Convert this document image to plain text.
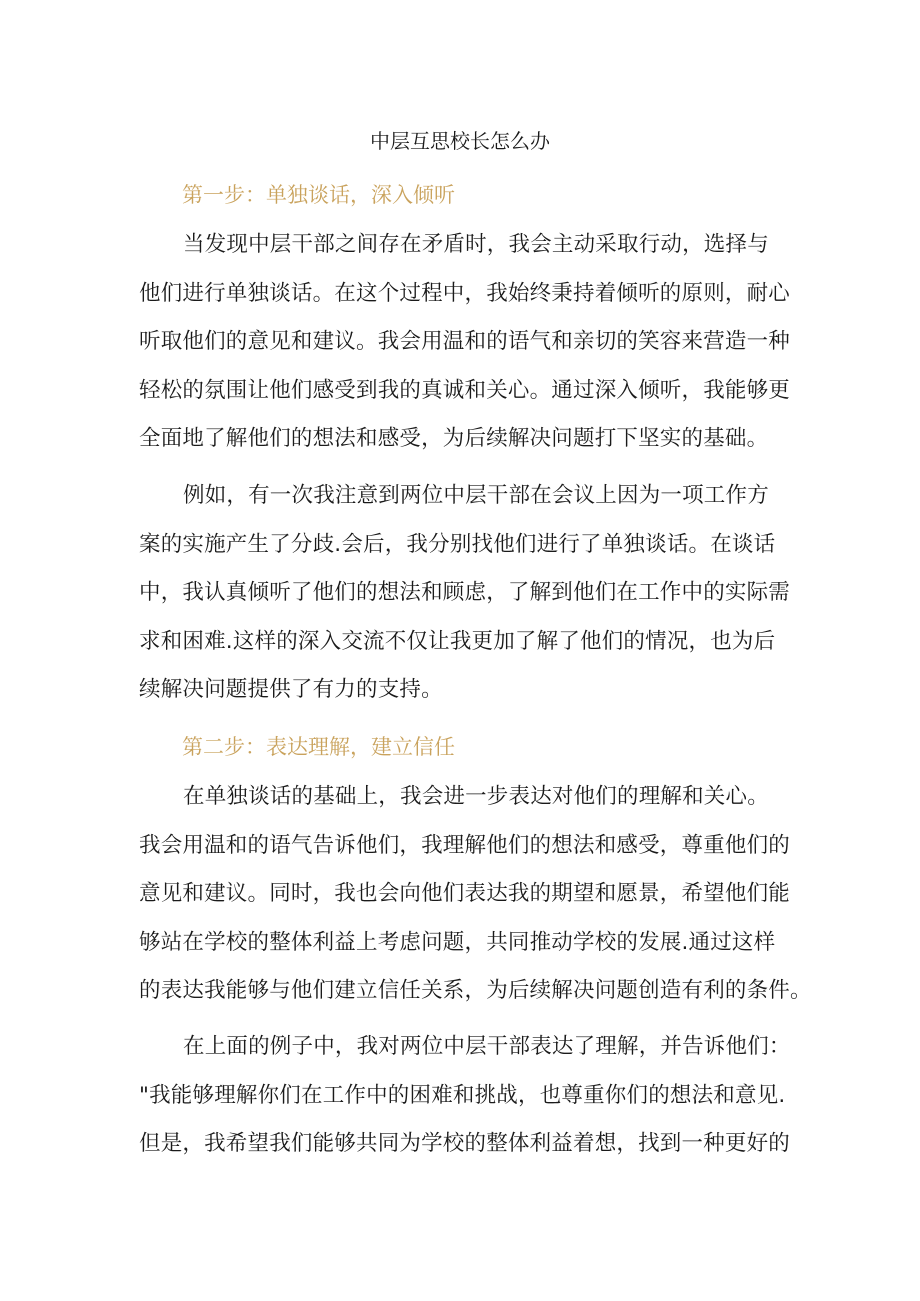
中层互思校长怎么办
第一步：单独谈话，深入倾听
当发现中层干部之间存在矛盾时，我会主动采取行动，选择与
他们进行单独谈话。在这个过程中，我始终秉持着倾听的原则，耐心
听取他们的意见和建议。我会用温和的语气和亲切的笑容来营造一种
轻松的氛围让他们感受到我的真诚和关心。通过深入倾听，我能够更
全面地了解他们的想法和感受，为后续解决问题打下坚实的基础。
例如，有一次我注意到两位中层干部在会议上因为一项工作方
案的实施产生了分歧.会后，我分别找他们进行了单独谈话。在谈话
中，我认真倾听了他们的想法和顾虑，了解到他们在工作中的实际需
求和困难.这样的深入交流不仅让我更加了解了他们的情况，也为后
续解决问题提供了有力的支持。
第二步：表达理解，建立信任
在单独谈话的基础上，我会进一步表达对他们的理解和关心。
我会用温和的语气告诉他们，我理解他们的想法和感受，尊重他们的
意见和建议。同时，我也会向他们表达我的期望和愿景，希望他们能
够站在学校的整体利益上考虑问题，共同推动学校的发展.通过这样
的表达我能够与他们建立信任关系，为后续解决问题创造有利的条件。
在上面的例子中，我对两位中层干部表达了理解，并告诉他们：
"我能够理解你们在工作中的困难和挑战，也尊重你们的想法和意见.
但是，我希望我们能够共同为学校的整体利益着想，找到一种更好的
